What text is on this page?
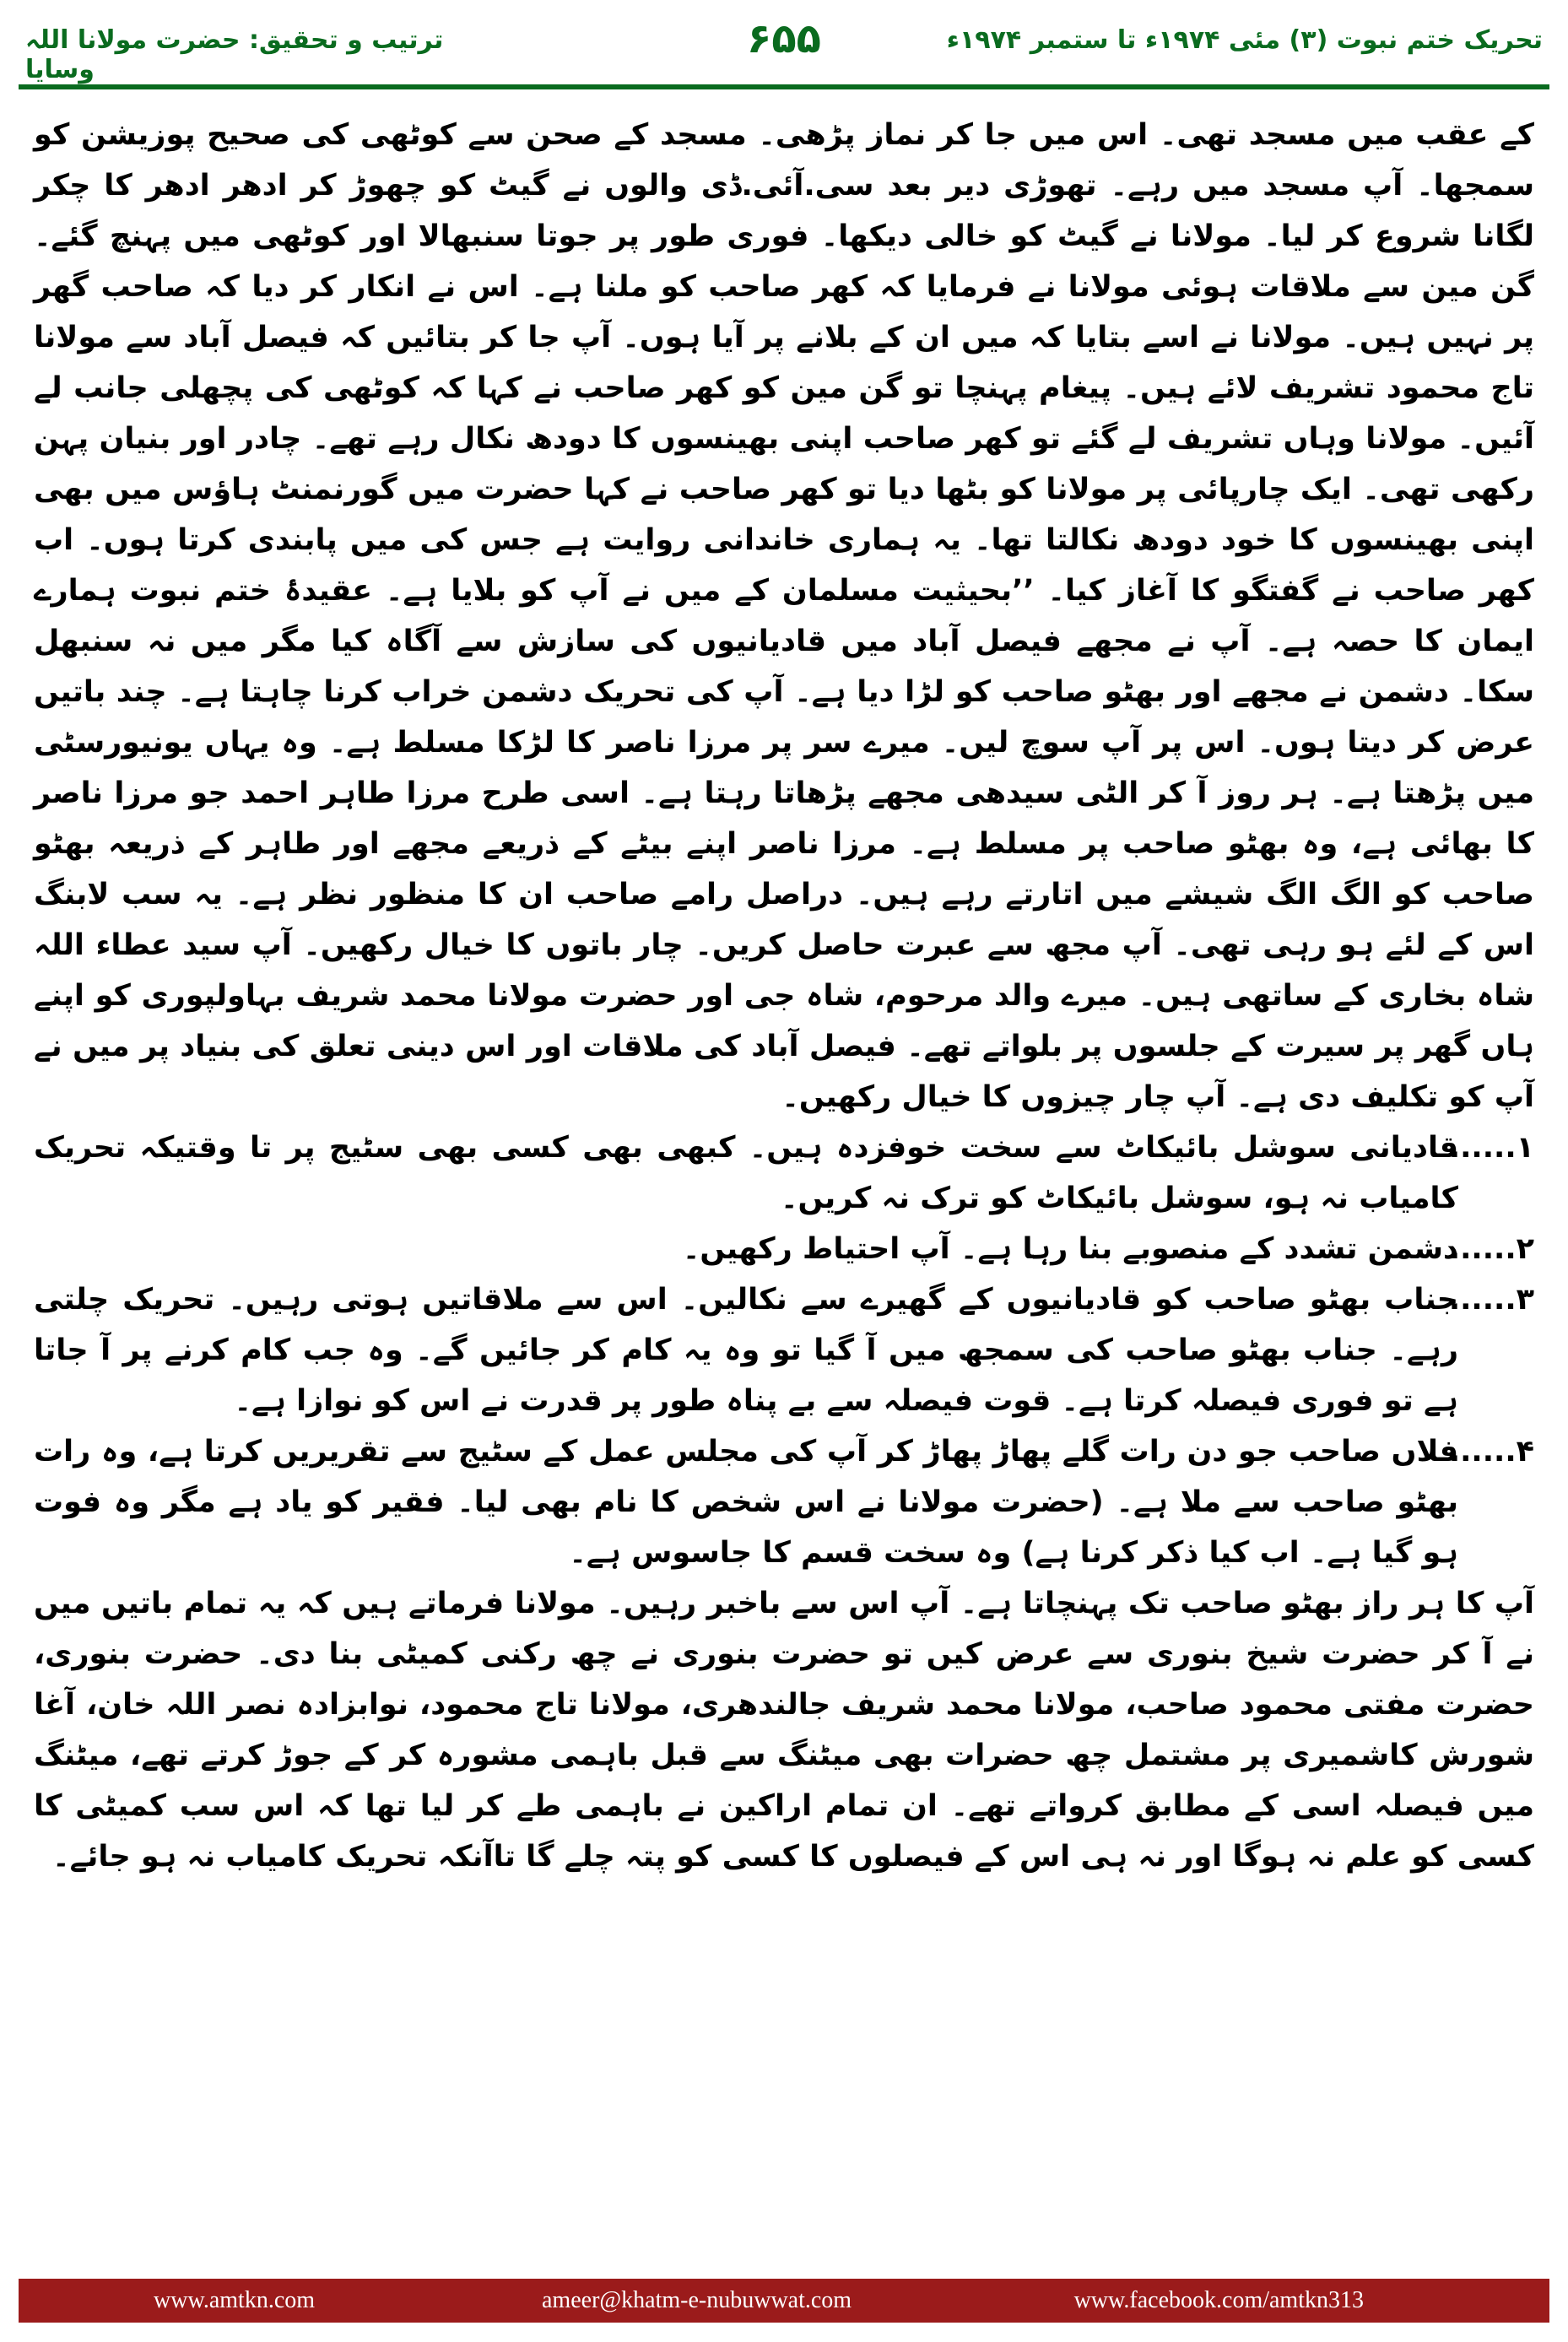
تحریک ختم نبوت (۳) مئی ۱۹۷۴ء تا ستمبر ۱۹۷۴ء
۶۵۵
ترتیب و تحقیق: حضرت مولانا اللہ وسایا

کے عقب میں مسجد تھی۔ اس میں جا کر نماز پڑھی۔ مسجد کے صحن سے کوٹھی کی صحیح پوزیشن کو سمجھا۔ آپ مسجد میں رہے۔ تھوڑی دیر بعد سی.آئی.ڈی والوں نے گیٹ کو چھوڑ کر ادھر ادھر کا چکر لگانا شروع کر لیا۔ مولانا نے گیٹ کو خالی دیکھا۔ فوری طور پر جوتا سنبھالا اور کوٹھی میں پہنچ گئے۔ گن مین سے ملاقات ہوئی مولانا نے فرمایا کہ کھر صاحب کو ملنا ہے۔ اس نے انکار کر دیا کہ صاحب گھر پر نہیں ہیں۔ مولانا نے اسے بتایا کہ میں ان کے بلانے پر آیا ہوں۔ آپ جا کر بتائیں کہ فیصل آباد سے مولانا تاج محمود تشریف لائے ہیں۔ پیغام پہنچا تو گن مین کو کھر صاحب نے کہا کہ کوٹھی کی پچھلی جانب لے آئیں۔ مولانا وہاں تشریف لے گئے تو کھر صاحب اپنی بھینسوں کا دودھ نکال رہے تھے۔ چادر اور بنیان پہن رکھی تھی۔ ایک چارپائی پر مولانا کو بٹھا دیا تو کھر صاحب نے کہا حضرت میں گورنمنٹ ہاؤس میں بھی اپنی بھینسوں کا خود دودھ نکالتا تھا۔ یہ ہماری خاندانی روایت ہے جس کی میں پابندی کرتا ہوں۔ اب کھر صاحب نے گفتگو کا آغاز کیا۔ ’’بحیثیت مسلمان کے میں نے آپ کو بلایا ہے۔ عقیدۂ ختم نبوت ہمارے ایمان کا حصہ ہے۔ آپ نے مجھے فیصل آباد میں قادیانیوں کی سازش سے آگاہ کیا مگر میں نہ سنبھل سکا۔ دشمن نے مجھے اور بھٹو صاحب کو لڑا دیا ہے۔ آپ کی تحریک دشمن خراب کرنا چاہتا ہے۔ چند باتیں عرض کر دیتا ہوں۔ اس پر آپ سوچ لیں۔ میرے سر پر مرزا ناصر کا لڑکا مسلط ہے۔ وہ یہاں یونیورسٹی میں پڑھتا ہے۔ ہر روز آ کر الٹی سیدھی مجھے پڑھاتا رہتا ہے۔ اسی طرح مرزا طاہر احمد جو مرزا ناصر کا بھائی ہے، وہ بھٹو صاحب پر مسلط ہے۔ مرزا ناصر اپنے بیٹے کے ذریعے مجھے اور طاہر کے ذریعہ بھٹو صاحب کو الگ الگ شیشے میں اتارتے رہے ہیں۔ دراصل رامے صاحب ان کا منظور نظر ہے۔ یہ سب لابنگ اس کے لئے ہو رہی تھی۔ آپ مجھ سے عبرت حاصل کریں۔ چار باتوں کا خیال رکھیں۔ آپ سید عطاء اللہ شاہ بخاری کے ساتھی ہیں۔ میرے والد مرحوم، شاہ جی اور حضرت مولانا محمد شریف بہاولپوری کو اپنے ہاں گھر پر سیرت کے جلسوں پر بلواتے تھے۔ فیصل آباد کی ملاقات اور اس دینی تعلق کی بنیاد پر میں نے آپ کو تکلیف دی ہے۔ آپ چار چیزوں کا خیال رکھیں۔

۱......
قادیانی سوشل بائیکاٹ سے سخت خوفزدہ ہیں۔ کبھی بھی کسی بھی سٹیج پر تا وقتیکہ تحریک کامیاب نہ ہو، سوشل بائیکاٹ کو ترک نہ کریں۔
۲......
دشمن تشدد کے منصوبے بنا رہا ہے۔ آپ احتیاط رکھیں۔
۳......
جناب بھٹو صاحب کو قادیانیوں کے گھیرے سے نکالیں۔ اس سے ملاقاتیں ہوتی رہیں۔ تحریک چلتی رہے۔ جناب بھٹو صاحب کی سمجھ میں آ گیا تو وہ یہ کام کر جائیں گے۔ وہ جب کام کرنے پر آ جاتا ہے تو فوری فیصلہ کرتا ہے۔ قوت فیصلہ سے بے پناہ طور پر قدرت نے اس کو نوازا ہے۔
۴......
فلاں صاحب جو دن رات گلے پھاڑ پھاڑ کر آپ کی مجلس عمل کے سٹیج سے تقریریں کرتا ہے، وہ رات بھٹو صاحب سے ملا ہے۔ (حضرت مولانا نے اس شخص کا نام بھی لیا۔ فقیر کو یاد ہے مگر وہ فوت ہو گیا ہے۔ اب کیا ذکر کرنا ہے) وہ سخت قسم کا جاسوس ہے۔

آپ کا ہر راز بھٹو صاحب تک پہنچاتا ہے۔ آپ اس سے باخبر رہیں۔ مولانا فرماتے ہیں کہ یہ تمام باتیں میں نے آ کر حضرت شیخ بنوری سے عرض کیں تو حضرت بنوری نے چھ رکنی کمیٹی بنا دی۔ حضرت بنوری، حضرت مفتی محمود صاحب، مولانا محمد شریف جالندھری، مولانا تاج محمود، نوابزادہ نصر اللہ خان، آغا شورش کاشمیری پر مشتمل چھ حضرات بھی میٹنگ سے قبل باہمی مشورہ کر کے جوڑ کرتے تھے، میٹنگ میں فیصلہ اسی کے مطابق کرواتے تھے۔ ان تمام اراکین نے باہمی طے کر لیا تھا کہ اس سب کمیٹی کا کسی کو علم نہ ہوگا اور نہ ہی اس کے فیصلوں کا کسی کو پتہ چلے گا تاآنکہ تحریک کامیاب نہ ہو جائے۔

www.amtkn.com	ameer@khatm-e-nubuwwat.com	www.facebook.com/amtkn313
